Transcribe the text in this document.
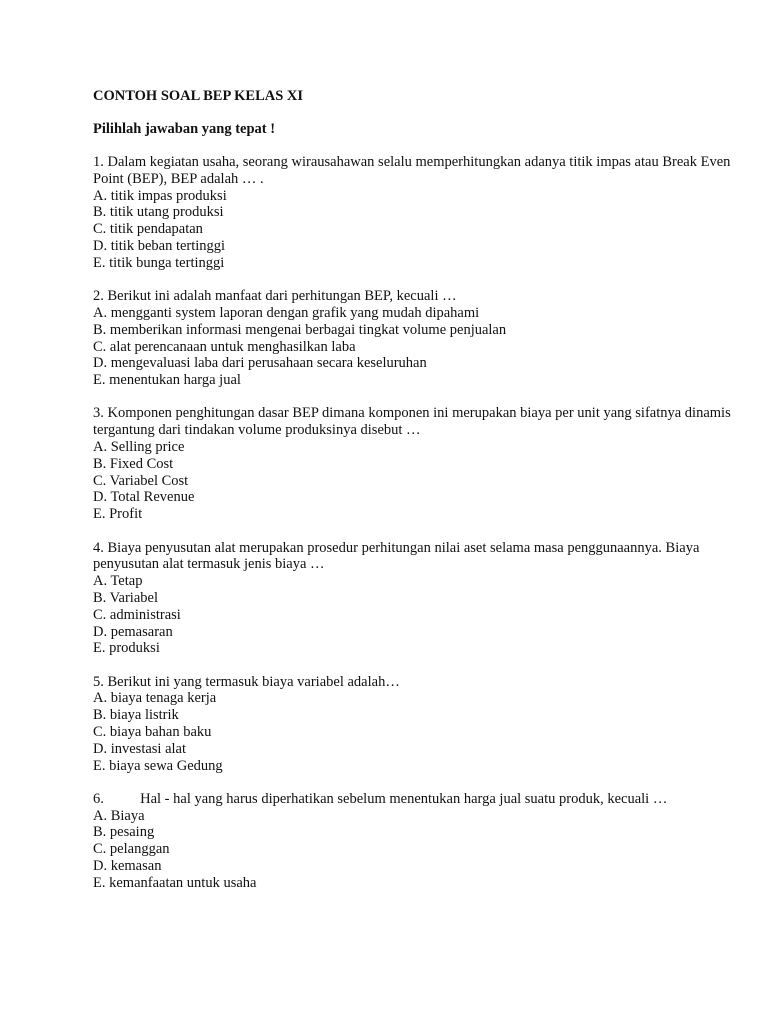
CONTOH SOAL BEP KELAS XI

Pilihlah jawaban yang tepat !

1. Dalam kegiatan usaha, seorang wirausahawan selalu memperhitungkan adanya titik impas atau Break Even Point (BEP), BEP adalah … .

A. titik impas produksi

B. titik utang produksi

C. titik pendapatan

D. titik beban tertinggi

E. titik bunga tertinggi

2. Berikut ini adalah manfaat dari perhitungan BEP, kecuali …

A. mengganti system laporan dengan grafik yang mudah dipahami

B. memberikan informasi mengenai berbagai tingkat volume penjualan

C. alat perencanaan untuk menghasilkan laba

D. mengevaluasi laba dari perusahaan secara keseluruhan

E. menentukan harga jual

3. Komponen penghitungan dasar BEP dimana komponen ini merupakan biaya per unit yang sifatnya dinamis tergantung dari tindakan volume produksinya disebut …

A. Selling price

B. Fixed Cost

C. Variabel Cost

D. Total Revenue

E. Profit

4. Biaya penyusutan alat merupakan prosedur perhitungan nilai aset selama masa penggunaannya. Biaya penyusutan alat termasuk jenis biaya …

A. Tetap

B. Variabel

C. administrasi

D. pemasaran

E. produksi

5. Berikut ini yang termasuk biaya variabel adalah…

A. biaya tenaga kerja

B. biaya listrik

C. biaya bahan baku

D. investasi alat

E. biaya sewa Gedung

6.          Hal - hal yang harus diperhatikan sebelum menentukan harga jual suatu produk, kecuali …

A. Biaya

B. pesaing

C. pelanggan

D. kemasan

E. kemanfaatan untuk usaha
